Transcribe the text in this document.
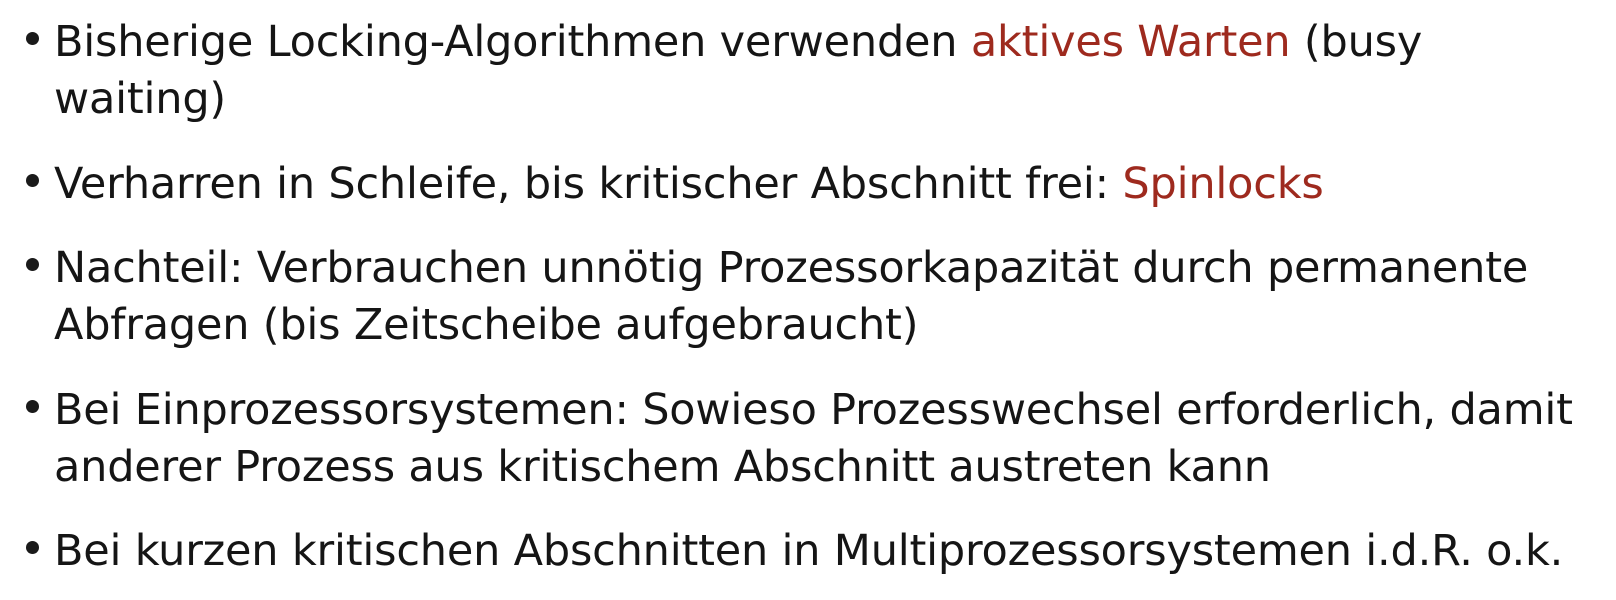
Bisherige Locking-Algorithmen verwenden aktives Warten (busy waiting)
Verharren in Schleife, bis kritischer Abschnitt frei: Spinlocks
Nachteil: Verbrauchen unnötig Prozessorkapazität durch permanente Abfragen (bis Zeitscheibe aufgebraucht)
Bei Einprozessorsystemen: Sowieso Prozesswechsel erforderlich, damit anderer Prozess aus kritischem Abschnitt austreten kann
Bei kurzen kritischen Abschnitten in Multiprozessorsystemen i.d.R. o.k.
